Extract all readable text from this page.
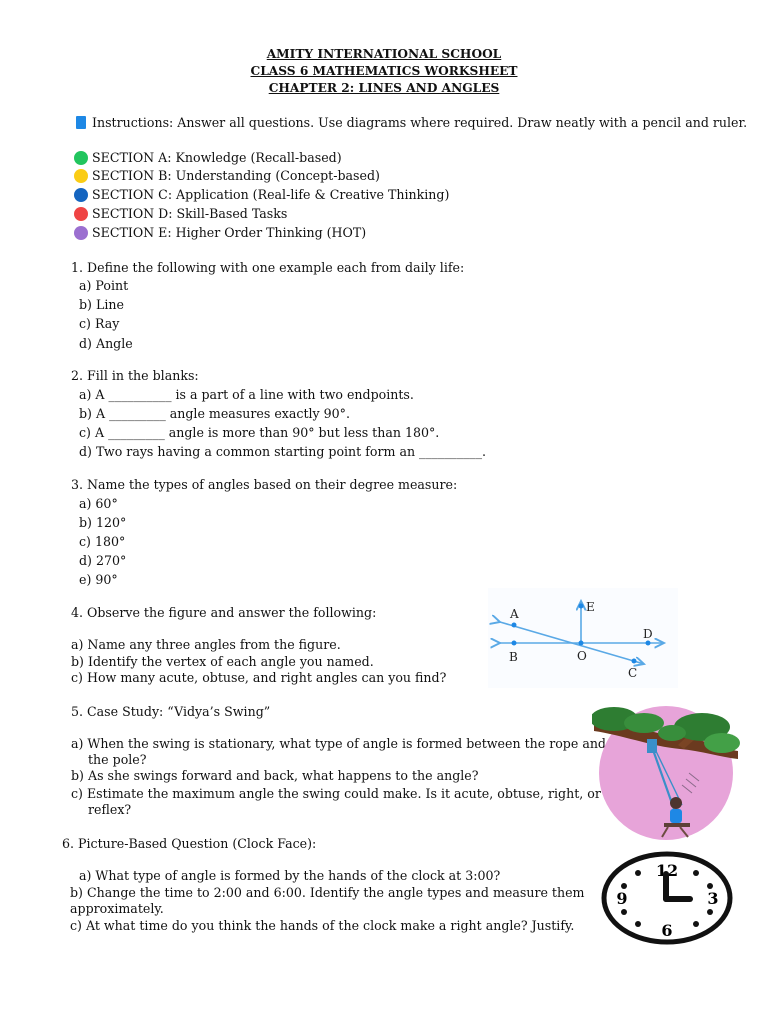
AMITY INTERNATIONAL SCHOOL
CLASS 6 MATHEMATICS WORKSHEET
CHAPTER 2: LINES AND ANGLES
Instructions: Answer all questions. Use diagrams where required. Draw neatly with a pencil and ruler.
SECTION A: Knowledge (Recall-based)
SECTION B: Understanding (Concept-based)
SECTION C: Application (Real-life & Creative Thinking)
SECTION D: Skill-Based Tasks
SECTION E: Higher Order Thinking (HOT)
1. Define the following with one example each from daily life:
a) Point
b) Line
c) Ray
d) Angle
2. Fill in the blanks:
a) A __________ is a part of a line with two endpoints.
b) A _________ angle measures exactly 90°.
c) A _________ angle is more than 90° but less than 180°.
d) Two rays having a common starting point form an __________.
3. Name the types of angles based on their degree measure:
a) 60°
b) 120°
c) 180°
d) 270°
e) 90°
4. Observe the figure and answer the following:
a) Name any three angles from the figure.
b) Identify the vertex of each angle you named.
c) How many acute, obtuse, and right angles can you find?
A
B
E
D
C
O
5. Case Study: “Vidya’s Swing”
a) When the swing is stationary, what type of angle is formed between the rope and
the pole?
b) As she swings forward and back, what happens to the angle?
c) Estimate the maximum angle the swing could make. Is it acute, obtuse, right, or
reflex?
6. Picture-Based Question (Clock Face):
a) What type of angle is formed by the hands of the clock at 3:00?
b) Change the time to 2:00 and 6:00. Identify the angle types and measure them
approximately.
c) At what time do you think the hands of the clock make a right angle? Justify.
12
3
6
9
